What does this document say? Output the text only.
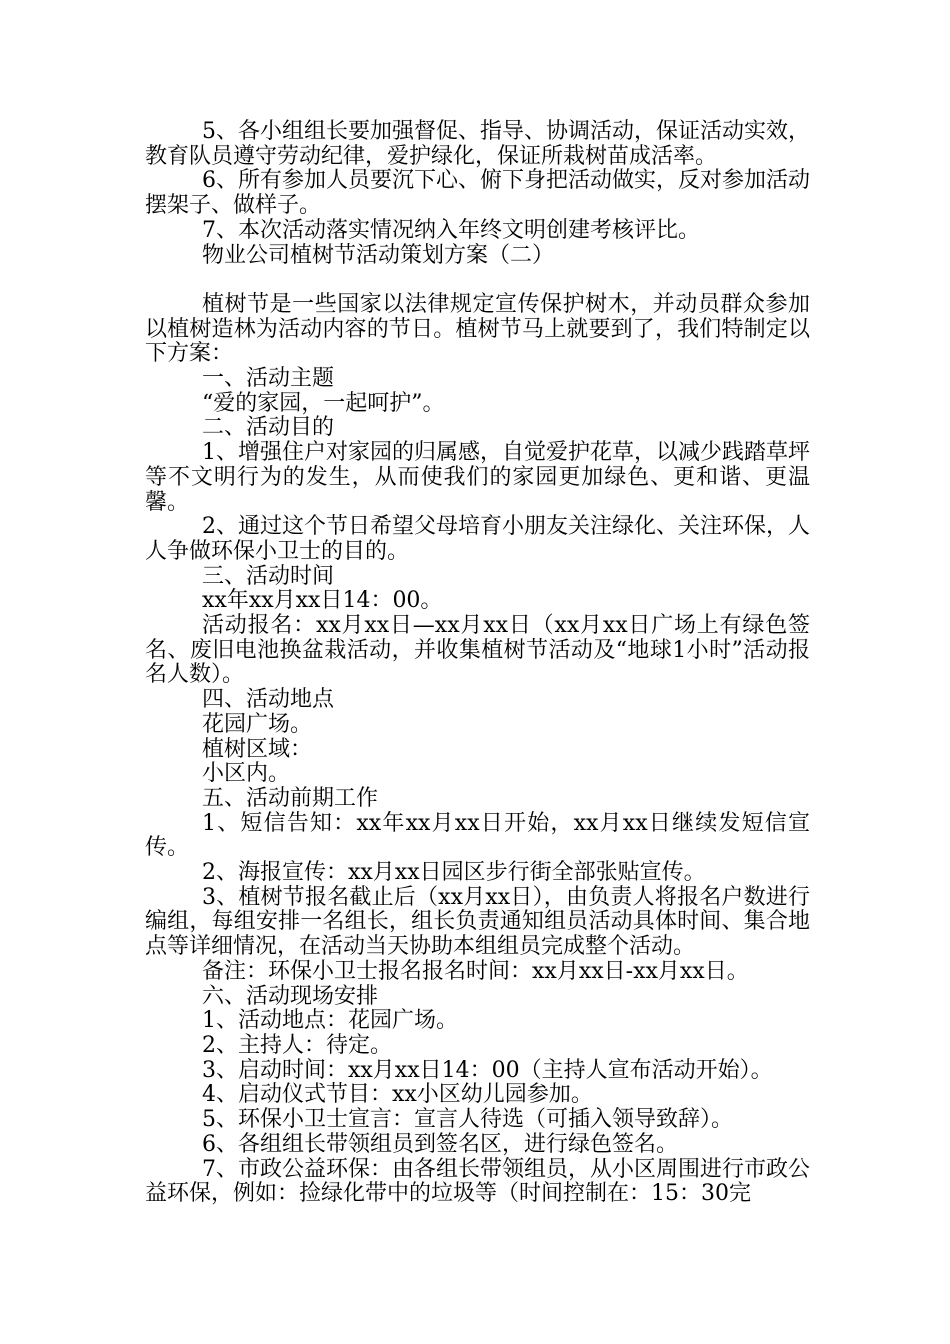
5、各小组组长要加强督促、指导、协调活动，保证活动实效，教育队员遵守劳动纪律，爱护绿化，保证所栽树苗成活率。

6、所有参加人员要沉下心、俯下身把活动做实，反对参加活动摆架子、做样子。

7、本次活动落实情况纳入年终文明创建考核评比。

物业公司植树节活动策划方案（二）

植树节是一些国家以法律规定宣传保护树木，并动员群众参加以植树造林为活动内容的节日。植树节马上就要到了，我们特制定以下方案：

一、活动主题

“爱的家园，一起呵护”。

二、活动目的

1、增强住户对家园的归属感，自觉爱护花草，以减少践踏草坪等不文明行为的发生，从而使我们的家园更加绿色、更和谐、更温馨。

2、通过这个节日希望父母培育小朋友关注绿化、关注环保，人人争做环保小卫士的目的。

三、活动时间

xx年xx月xx日14：00。

活动报名：xx月xx日—xx月xx日（xx月xx日广场上有绿色签名、废旧电池换盆栽活动，并收集植树节活动及“地球1小时”活动报名人数）。

四、活动地点

花园广场。

植树区域：

小区内。

五、活动前期工作

1、短信告知：xx年xx月xx日开始，xx月xx日继续发短信宣传。

2、海报宣传：xx月xx日园区步行街全部张贴宣传。

3、植树节报名截止后（xx月xx日），由负责人将报名户数进行编组，每组安排一名组长，组长负责通知组员活动具体时间、集合地点等详细情况，在活动当天协助本组组员完成整个活动。

备注：环保小卫士报名报名时间：xx月xx日-xx月xx日。

六、活动现场安排

1、活动地点：花园广场。

2、主持人：待定。

3、启动时间：xx月xx日14：00（主持人宣布活动开始）。

4、启动仪式节目：xx小区幼儿园参加。

5、环保小卫士宣言：宣言人待选（可插入领导致辞）。

6、各组组长带领组员到签名区，进行绿色签名。

7、市政公益环保：由各组长带领组员，从小区周围进行市政公益环保，例如：捡绿化带中的垃圾等（时间控制在：15：30完
